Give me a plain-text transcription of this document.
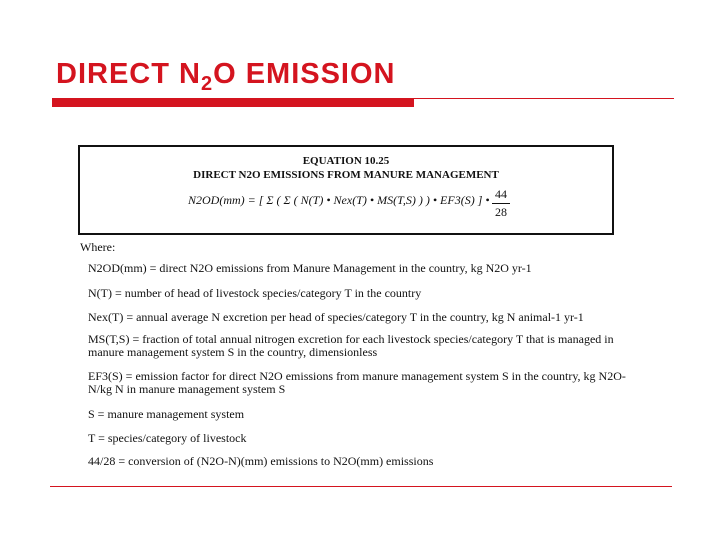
DIRECT $N_2O$ EMISSION
EQUATION 10.25
DIRECT N2O EMISSIONS FROM MANURE MANAGEMENT
N2OD(mm) = [ Σ ( Σ ( N(T) • Nex(T) • MS(T,S) ) ) • EF3(S) ] • 44
28
Where:
N2OD(mm) = direct N2O emissions from Manure Management in the country, kg N2O yr-1
N(T) = number of head of livestock species/category T in the country
Nex(T) = annual average N excretion per head of species/category T in the country, kg N animal-1 yr-1
MS(T,S) = fraction of total annual nitrogen excretion for each livestock species/category T that is managed in manure management system S in the country, dimensionless
EF3(S) = emission factor for direct N2O emissions from manure management system S in the country, kg N2O-N/kg N in manure management system S
S = manure management system
T = species/category of livestock
44/28 = conversion of (N2O-N)(mm) emissions to N2O(mm) emissions
